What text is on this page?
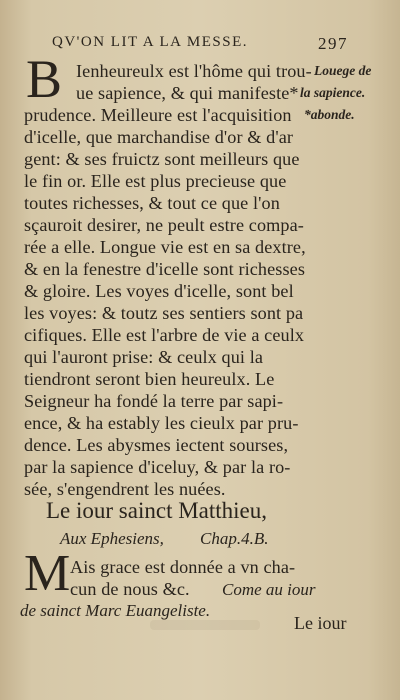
QV'ON LIT A LA MESSE.	297
Louege de
la sapience.
*abonde.
B Ienheureulx est l'hôme qui trou-
ue sapience, & qui manifeste*
prudence. Meilleure est l'acquisition
d'icelle, que marchandise d'or & d'ar
gent: & ses fruictz sont meilleurs que
le fin or. Elle est plus precieuse que
toutes richesses, & tout ce que l'on
sçauroit desirer, ne peult estre compa-
rée a elle. Longue vie est en sa dextre,
& en la fenestre d'icelle sont richesses
& gloire. Les voyes d'icelle, sont bel
les voyes: & toutz ses sentiers sont pa
cifiques. Elle est l'arbre de vie a ceulx
qui l'auront prise: & ceulx qui la
tiendront seront bien heureulx. Le
Seigneur ha fondé la terre par sapi-
ence, & ha estably les cieulx par pru-
dence. Les abysmes iectent sourses,
par la sapience d'iceluy, & par la ro-
sée, s'engendrent les nuées.
Le iour sainct Matthieu,
Aux Ephesiens, Chap.4.B.
M Ais grace est donnée a vn cha-
cun de nous &c. Come au iour
de sainct Marc Euangeliste.
Le iour
